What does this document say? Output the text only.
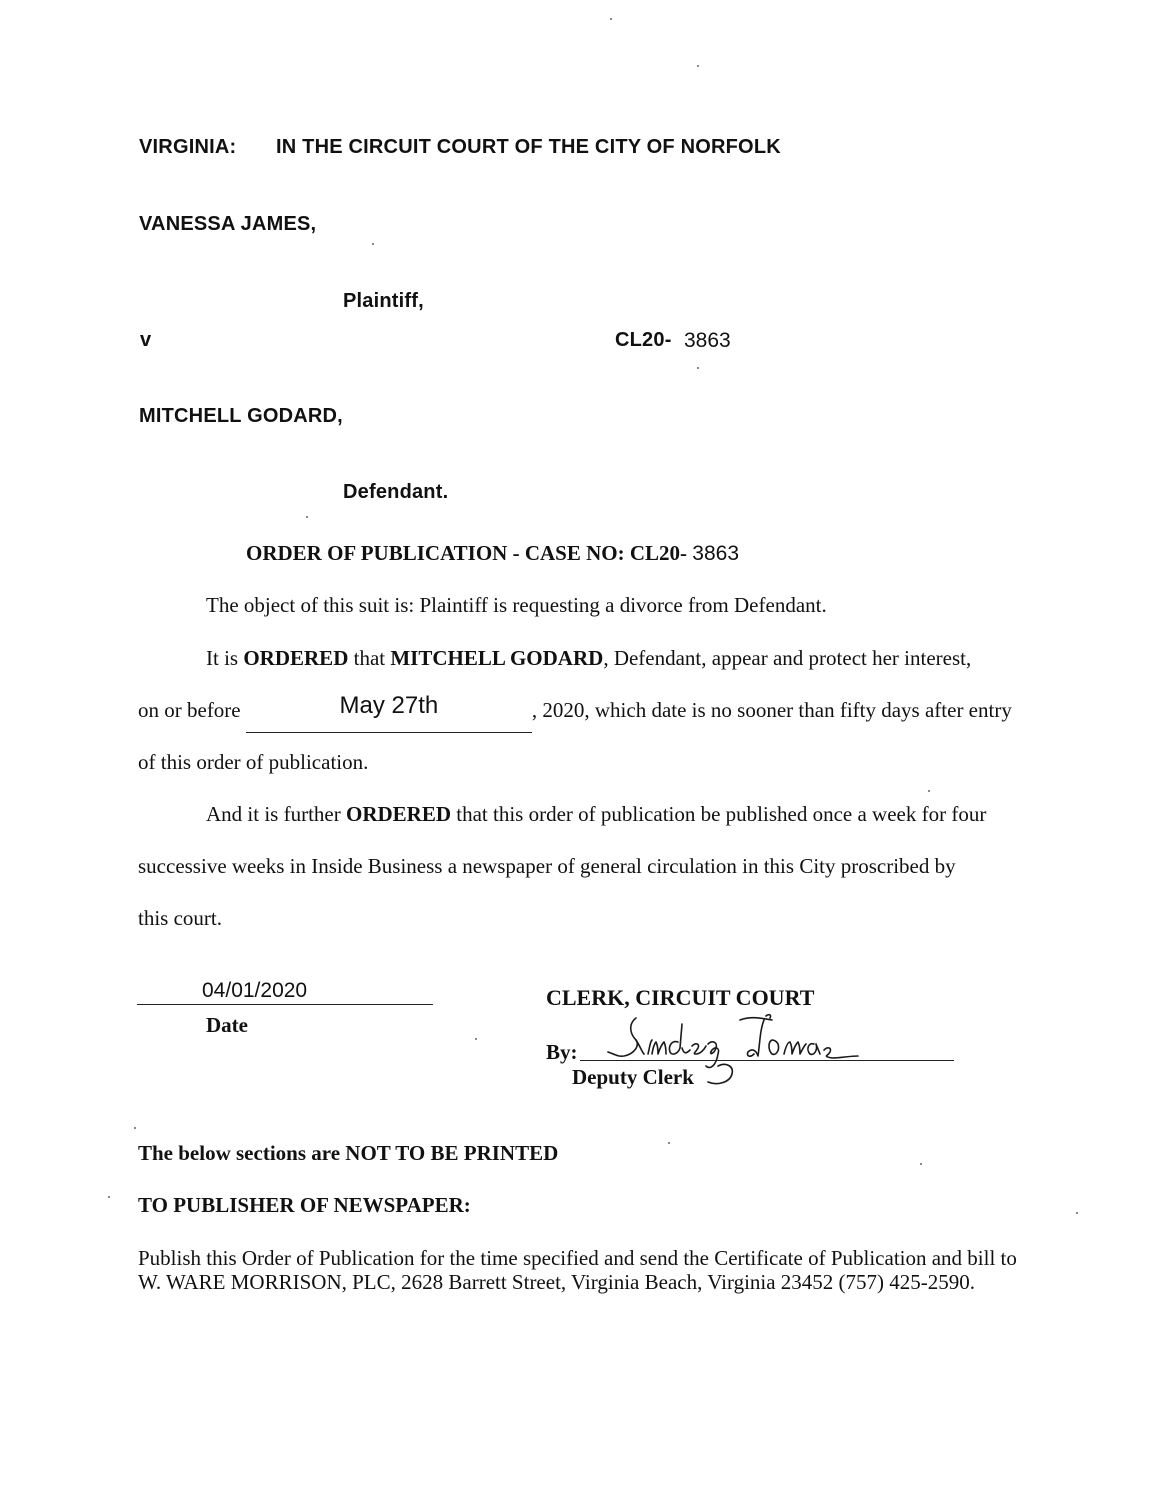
VIRGINIA: IN THE CIRCUIT COURT OF THE CITY OF NORFOLK
VANESSA JAMES,
Plaintiff,
v	CL20- 3863
MITCHELL GODARD,
Defendant.
ORDER OF PUBLICATION - CASE NO: CL20- 3863
The object of this suit is: Plaintiff is requesting a divorce from Defendant.
It is ORDERED that MITCHELL GODARD, Defendant, appear and protect her interest,
on or before	May 27th	, 2020, which date is no sooner than fifty days after entry
of this order of publication.
And it is further ORDERED that this order of publication be published once a week for four
successive weeks in Inside Business a newspaper of general circulation in this City proscribed by
this court.
04/01/2020
Date
CLERK, CIRCUIT COURT
By:
Deputy Clerk
The below sections are NOT TO BE PRINTED
TO PUBLISHER OF NEWSPAPER:
Publish this Order of Publication for the time specified and send the Certificate of Publication and bill to W. WARE MORRISON, PLC, 2628 Barrett Street, Virginia Beach, Virginia 23452 (757) 425-2590.
